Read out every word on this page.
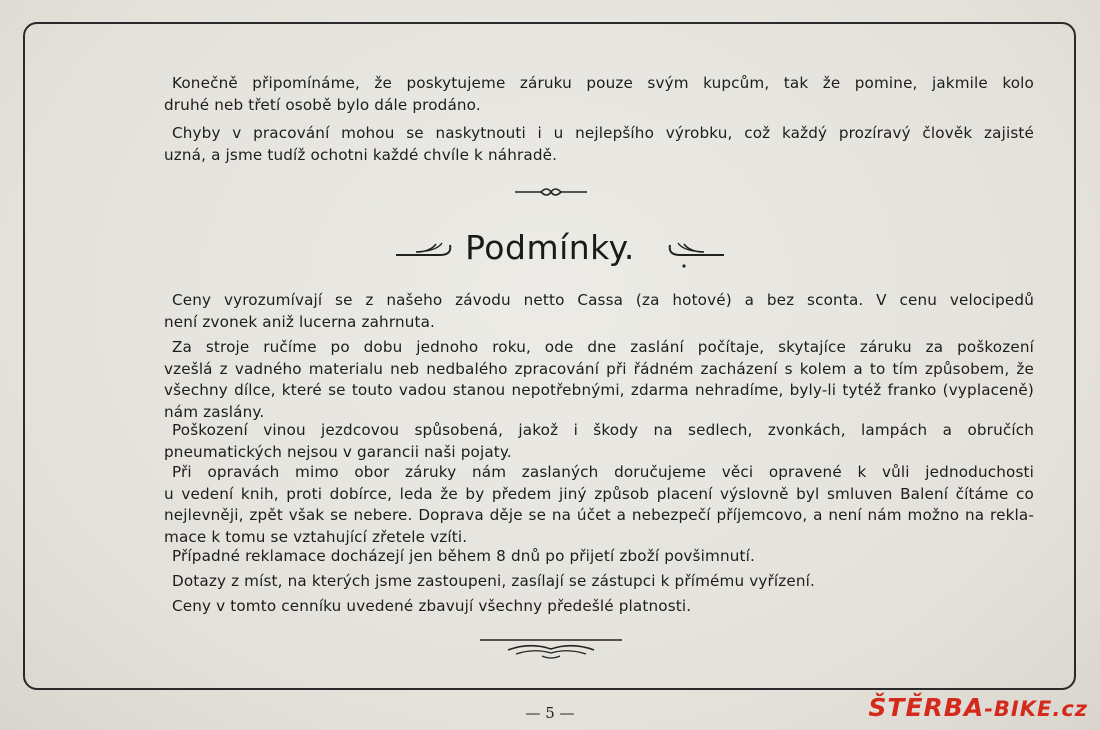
Konečně připomínáme, že poskytujeme záruku pouze svým kupcům, tak že pomine, jakmile kolo
druhé neb třetí osobě bylo dále prodáno.

Chyby v pracování mohou se naskytnouti i u nejlepšího výrobku, což každý prozíravý člověk zajisté
uzná, a jsme tudíž ochotni každé chvíle k náhradě.

Podmínky.

Ceny vyrozumívají se z našeho závodu netto Cassa (za hotové) a bez sconta. V cenu velocipedů
není zvonek aniž lucerna zahrnuta.

Za stroje ručíme po dobu jednoho roku, ode dne zaslání počítaje, skytajíce záruku za poškození
vzešlá z vadného materialu neb nedbalého zpracování při řádném zacházení s kolem a to tím způsobem, že
všechny dílce, které se touto vadou stanou nepotřebnými, zdarma nehradíme, byly-li tytéž franko (vyplaceně)
nám zaslány.

Poškození vinou jezdcovou spůsobená, jakož i škody na sedlech, zvonkách, lampách a obručích
pneumatických nejsou v garancii naši pojaty.

Při opravách mimo obor záruky nám zaslaných doručujeme věci opravené k vůli jednoduchosti
u vedení knih, proti dobírce, leda že by předem jiný způsob placení výslovně byl smluven Balení čítáme co
nejlevněji, zpět však se nebere. Doprava děje se na účet a nebezpečí příjemcovo, a není nám možno na rekla-
mace k tomu se vztahující zřetele vzíti.

Případné reklamace docházejí jen během 8 dnů po přijetí zboží povšimnutí.

Dotazy z míst, na kterých jsme zastoupeni, zasílají se zástupci k přímému vyřízení.

Ceny v tomto cenníku uvedené zbavují všechny předešlé platnosti.

— 5 —	ŠTĚRBA-BIKE.cz
